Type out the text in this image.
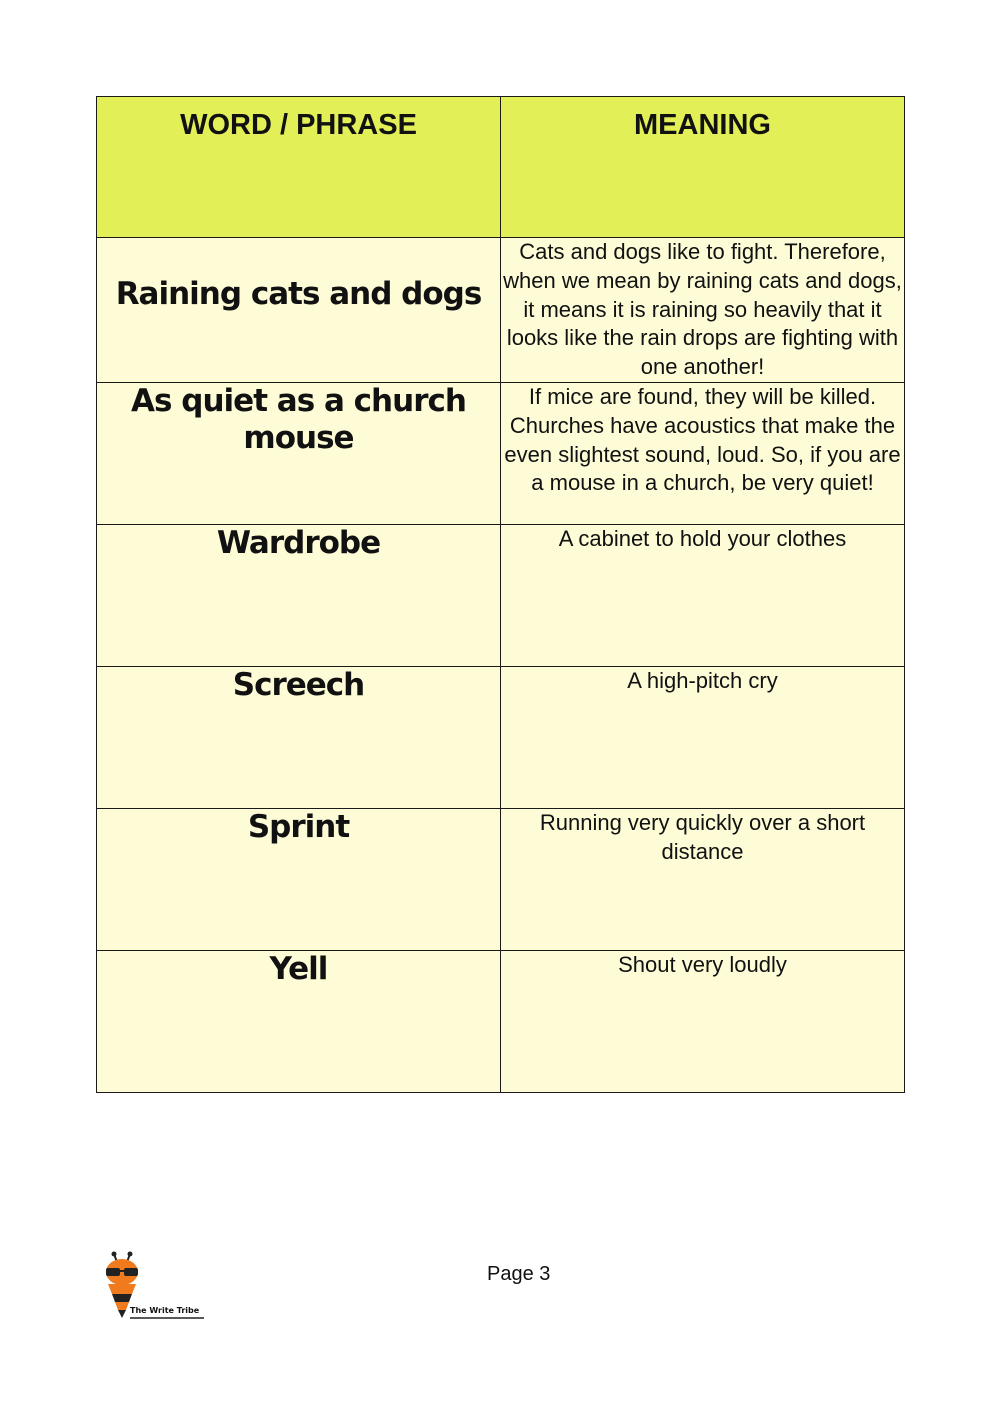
WORD / PHRASE	MEANING
Raining cats and dogs	Cats and dogs like to fight. Therefore, when we mean by raining cats and dogs, it means it is raining so heavily that it looks like the rain drops are fighting with one another!
As quiet as a church mouse	If mice are found, they will be killed. Churches have acoustics that make the even slightest sound, loud. So, if you are a mouse in a church, be very quiet!
Wardrobe	A cabinet to hold your clothes
Screech	A high-pitch cry
Sprint	Running very quickly over a short distance
Yell	Shout very loudly
The Write Tribe
Page 3
